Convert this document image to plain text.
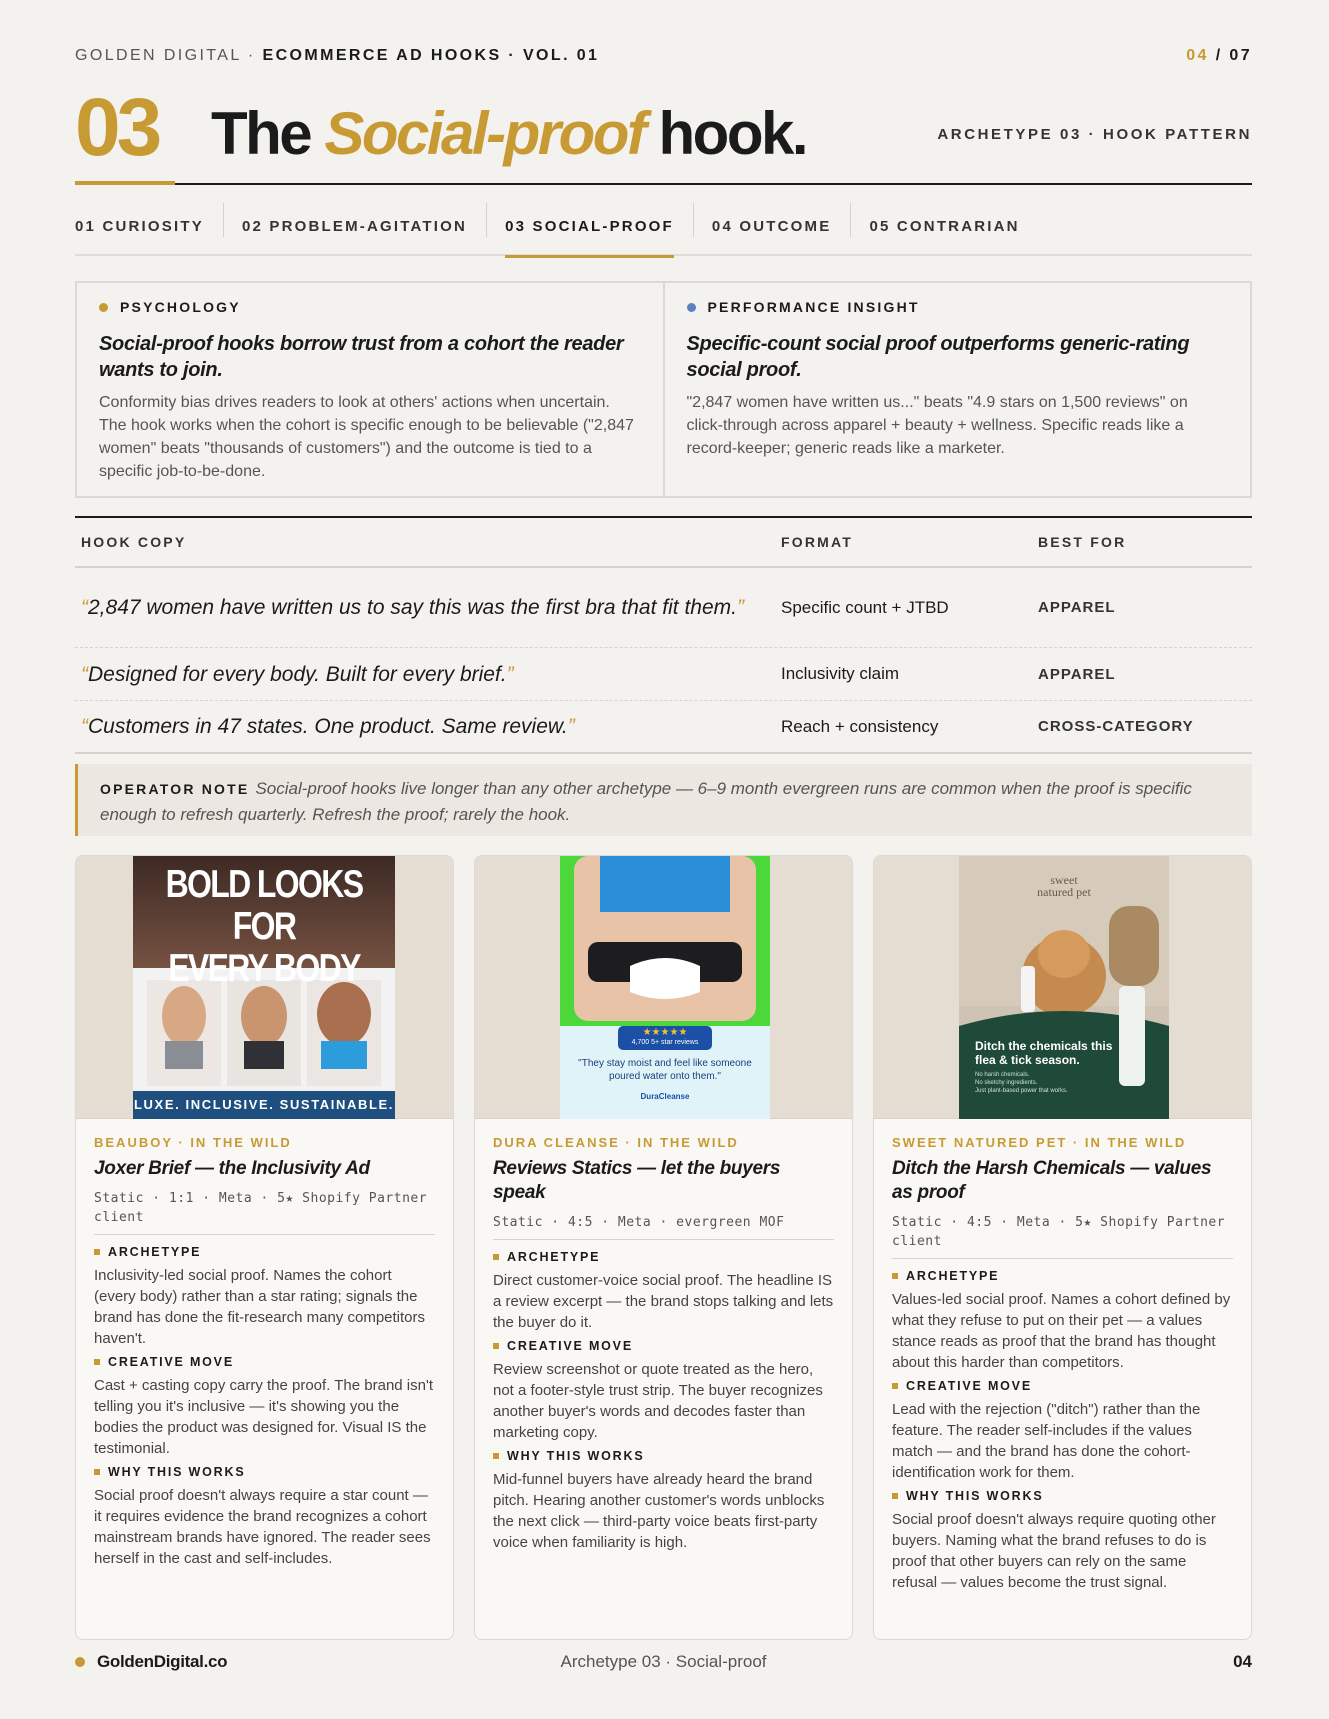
GOLDEN DIGITAL · ECOMMERCE AD HOOKS · VOL. 01	04 / 07
03 The Social-proof hook.	ARCHETYPE 03 · HOOK PATTERN
01 CURIOSITY	02 PROBLEM-AGITATION	03 SOCIAL-PROOF	04 OUTCOME	05 CONTRARIAN
PSYCHOLOGY
Social-proof hooks borrow trust from a cohort the reader wants to join.

Conformity bias drives readers to look at others' actions when uncertain. The hook works when the cohort is specific enough to be believable ("2,847 women" beats "thousands of customers") and the outcome is tied to a specific job-to-be-done.

PERFORMANCE INSIGHT
Specific-count social proof outperforms generic-rating social proof.

"2,847 women have written us..." beats "4.9 stars on 1,500 reviews" on click-through across apparel + beauty + wellness. Specific reads like a record-keeper; generic reads like a marketer.

HOOK COPY	FORMAT	BEST FOR
“2,847 women have written us to say this was the first bra that fit them.”	Specific count + JTBD	APPAREL
“Designed for every body. Built for every brief.”	Inclusivity claim	APPAREL
“Customers in 47 states. One product. Same review.”	Reach + consistency	CROSS-CATEGORY
OPERATOR NOTE Social-proof hooks live longer than any other archetype — 6–9 month evergreen runs are common when the proof is specific enough to refresh quarterly. Refresh the proof; rarely the hook.
BOLD LOOKS FOR
EVERY BODY
LUXE. INCLUSIVE. SUSTAINABLE.
BEAUBOY · IN THE WILD
Joxer Brief — the Inclusivity Ad
Static · 1:1 · Meta · 5★ Shopify Partner client
ARCHETYPE
Inclusivity-led social proof. Names the cohort (every body) rather than a star rating; signals the brand has done the fit-research many competitors haven't.
CREATIVE MOVE
Cast + casting copy carry the proof. The brand isn't telling you it's inclusive — it's showing you the bodies the product was designed for. Visual IS the testimonial.
WHY THIS WORKS
Social proof doesn't always require a star count — it requires evidence the brand recognizes a cohort mainstream brands have ignored. The reader sees herself in the cast and self-includes.
★★★★★
4,700 5+ star reviews
"They stay moist and feel like someone poured water onto them."
DuraCleanse
DURA CLEANSE · IN THE WILD
Reviews Statics — let the buyers speak
Static · 4:5 · Meta · evergreen MOF
ARCHETYPE
Direct customer-voice social proof. The headline IS a review excerpt — the brand stops talking and lets the buyer do it.
CREATIVE MOVE
Review screenshot or quote treated as the hero, not a footer-style trust strip. The buyer recognizes another buyer's words and decodes faster than marketing copy.
WHY THIS WORKS
Mid-funnel buyers have already heard the brand pitch. Hearing another customer's words unblocks the next click — third-party voice beats first-party voice when familiarity is high.
sweet
natured pet
Ditch the chemicals this flea & tick season.
No harsh chemicals.
No sketchy ingredients.
Just plant-based power that works.
SWEET NATURED PET · IN THE WILD
Ditch the Harsh Chemicals — values as proof
Static · 4:5 · Meta · 5★ Shopify Partner client
ARCHETYPE
Values-led social proof. Names a cohort defined by what they refuse to put on their pet — a values stance reads as proof that the brand has thought about this harder than competitors.
CREATIVE MOVE
Lead with the rejection ("ditch") rather than the feature. The reader self-includes if the values match — and the brand has done the cohort-identification work for them.
WHY THIS WORKS
Social proof doesn't always require quoting other buyers. Naming what the brand refuses to do is proof that other buyers can rely on the same refusal — values become the trust signal.
GoldenDigital.co	Archetype 03 · Social-proof	04
